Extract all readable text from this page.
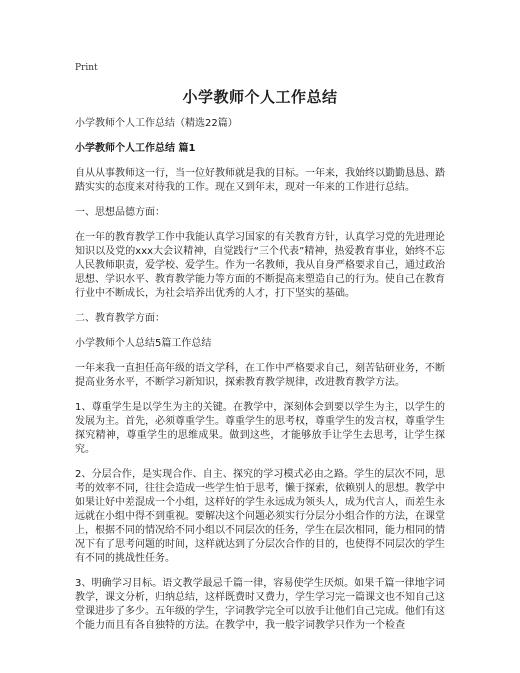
Print
小学教师个人工作总结

小学教师个人工作总结（精选22篇）

小学教师个人工作总结 篇1

自从从事教师这一行，当一位好教师就是我的目标。一年来，我始终以勤勤恳恳、踏踏实实的态度来对待我的工作。现在又到年末，现对一年来的工作进行总结。

一、思想品德方面：

在一年的教育教学工作中我能认真学习国家的有关教育方针，认真学习党的先进理论知识以及党的xxx大会议精神，自觉践行“三个代表”精神，热爱教育事业，始终不忘人民教师职责，爱学校、爱学生。作为一名教师，我从自身严格要求自己，通过政治思想、学识水平、教育教学能力等方面的不断提高来塑造自己的行为。使自己在教育行业中不断成长，为社会培养出优秀的人才，打下坚实的基础。

二、教育教学方面：

小学教师个人总结5篇工作总结

一年来我一直担任高年级的语文学科，在工作中严格要求自己，刻苦钻研业务，不断提高业务水平，不断学习新知识，探索教育教学规律，改进教育教学方法。

1、尊重学生是以学生为主的关键。在教学中，深刻体会到要以学生为主，以学生的发展为主。首先，必须尊重学生。尊重学生的思考权，尊重学生的发言权，尊重学生探究精神，尊重学生的思维成果。做到这些，才能够放手让学生去思考，让学生探究。

2、分层合作，是实现合作、自主、探究的学习模式必由之路。学生的层次不同，思考的效率不同，往往会造成一些学生怕于思考，懒于探索，依赖别人的思想。教学中如果让好中差混成一个小组，这样好的学生永远成为领头人，成为代言人，而差生永远就在小组中得不到重视。要解决这个问题必须实行分层分小组合作的方法，在课堂上，根据不同的情况给不同小组以不同层次的任务，学生在层次相同，能力相同的情况下有了思考问题的时间，这样就达到了分层次合作的目的，也使得不同层次的学生有不同的挑战性任务。

3、明确学习目标。语文教学最忌千篇一律，容易使学生厌烦。如果千篇一律地字词教学，课文分析，归纳总结，这样既费时又费力，学生学习完一篇课文也不知自己这堂课进步了多少。五年级的学生，字词教学完全可以放手让他们自己完成。他们有这个能力而且有各自独特的方法。在教学中，我一般字词教学只作为一个检查
